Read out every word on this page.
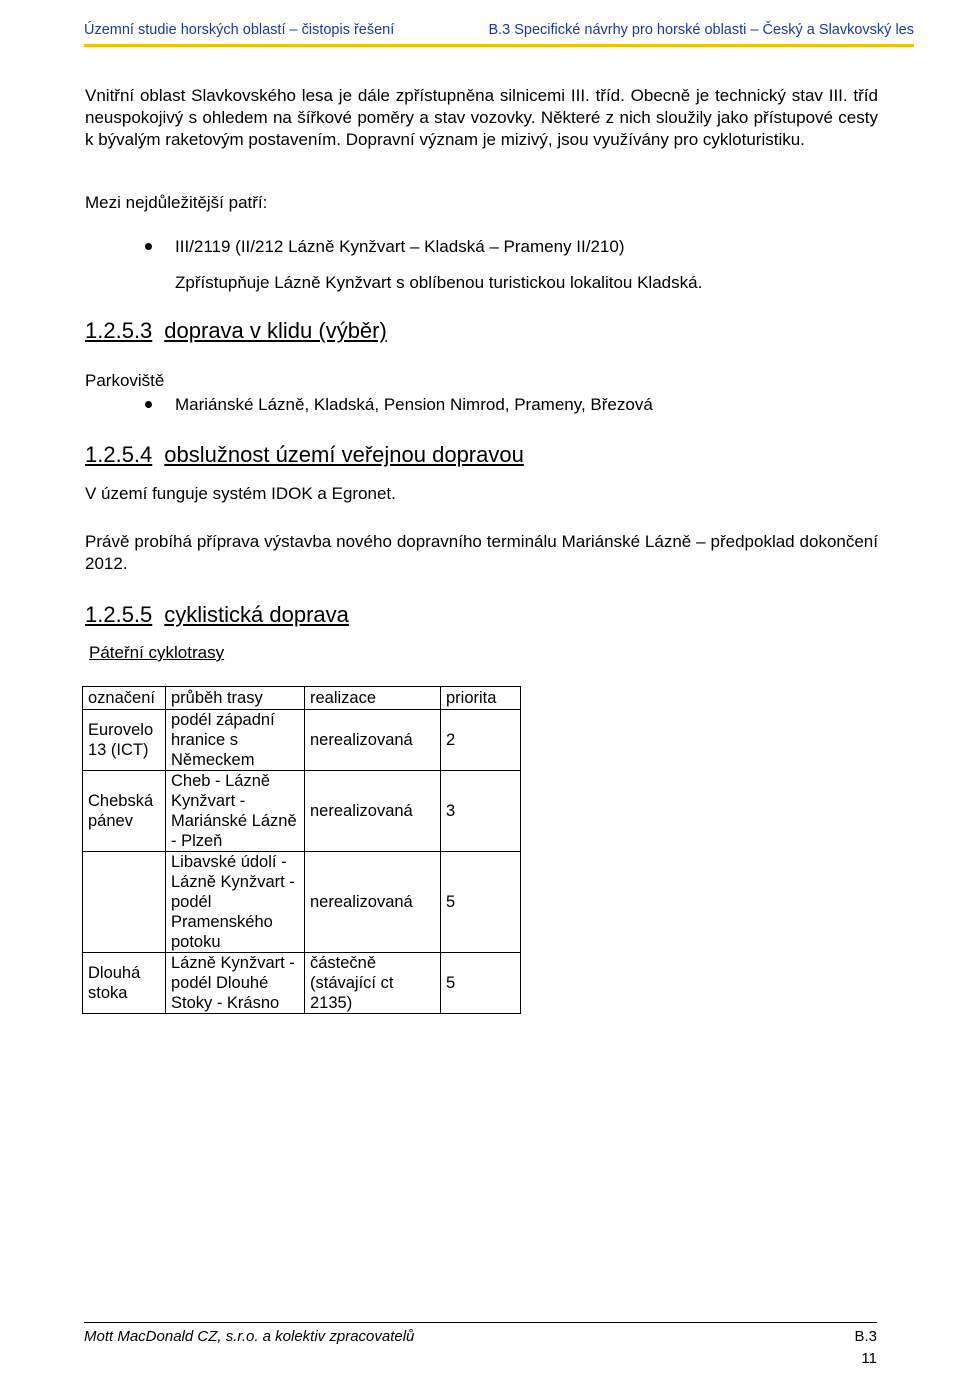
Územní studie horských oblastí – čistopis řešení	B.3 Specifické návrhy pro horské oblasti – Český a Slavkovský les
Vnitřní oblast Slavkovského lesa je dále zpřístupněna silnicemi III. tříd. Obecně je technický stav III. tříd neuspokojivý s ohledem na šířkové poměry a stav vozovky. Některé z nich sloužily jako přístupové cesty k bývalým raketovým postavením. Dopravní význam je mizivý, jsou využívány pro cykloturistiku.
Mezi nejdůležitější patří:
III/2119 (II/212 Lázně Kynžvart – Kladská – Prameny II/210)
Zpřístupňuje Lázně Kynžvart s oblíbenou turistickou lokalitou Kladská.
1.2.5.3 doprava v klidu (výběr)
Parkoviště
Mariánské Lázně, Kladská, Pension Nimrod, Prameny, Březová
1.2.5.4 obslužnost území veřejnou dopravou
V území funguje systém IDOK a Egronet.
Právě probíhá příprava výstavba nového dopravního terminálu Mariánské Lázně – předpoklad dokončení 2012.
1.2.5.5 cyklistická doprava
Páteřní cyklotrasy
označení	průběh trasy	realizace	priorita
Eurovelo 13 (ICT)	podél západní hranice s Německem	nerealizovaná	2
Chebská pánev	Cheb - Lázně Kynžvart - Mariánské Lázně - Plzeň	nerealizovaná	3
	Libavské údolí - Lázně Kynžvart - podél Pramenského potoku	nerealizovaná	5
Dlouhá stoka	Lázně Kynžvart - podél Dlouhé Stoky - Krásno	částečně (stávající ct 2135)	5
Mott MacDonald CZ, s.r.o. a kolektiv zpracovatelů	B.3
11
